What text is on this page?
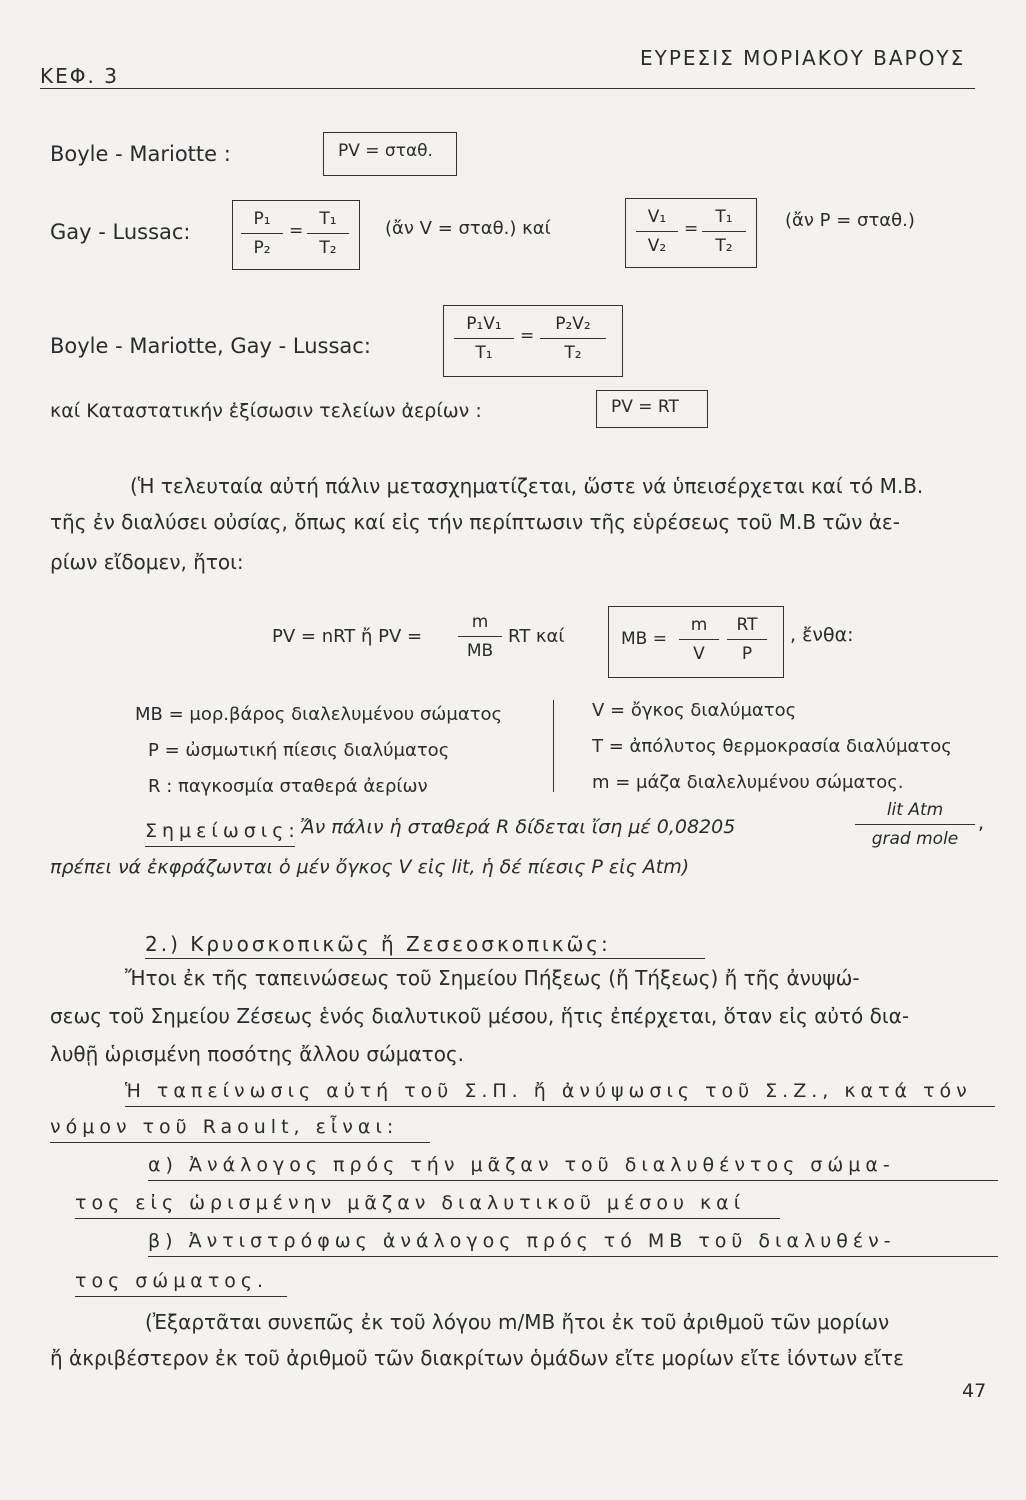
ΚΕΦ. 3
ΕΥΡΕΣΙΣ ΜΟΡΙΑΚΟΥ ΒΑΡΟΥΣ
Boyle - Mariotte :	PV = σταθ.
Gay - Lussac:
P₁
P₂
=
T₁
T₂
(ἄν V = σταθ.) καί
V₁
V₂
=
T₁
T₂
(ἄν P = σταθ.)
Boyle - Mariotte, Gay - Lussac:
P₁V₁
T₁
=
P₂V₂
T₂
καί Καταστατικήν ἐξίσωσιν τελείων ἀερίων :	PV = RT
(Ἡ τελευταία αὐτή πάλιν μετασχηματίζεται, ὥστε νά ὑπεισέρχεται καί τό Μ.Β.
τῆς ἐν διαλύσει οὐσίας, ὅπως καί εἰς τήν περίπτωσιν τῆς εὑρέσεως τοῦ Μ.Β τῶν ἀε-
ρίων εἴδομεν, ἤτοι:
PV = nRT ἤ PV =
m
MB
RT καί	MB =
m
V
RT
P
, ἔνθα:
MB = μορ.βάρος διαλελυμένου σώματος
P = ὠσμωτική πίεσις διαλύματος
R : παγκοσμία σταθερά ἀερίων
V = ὄγκος διαλύματος
T = ἀπόλυτος θερμοκρασία διαλύματος
m = μάζα διαλελυμένου σώματος.
Σημείωσις: Ἄν πάλιν ἡ σταθερά R δίδεται ἴση μέ 0,08205
lit Atm
grad mole
,
πρέπει νά ἐκφράζωνται ὁ μέν ὄγκος V εἰς lit, ἡ δέ πίεσις P εἰς Atm)
2.) Κρυοσκοπικῶς ἤ Ζεσεοσκοπικῶς:
Ἤτοι ἐκ τῆς ταπεινώσεως τοῦ Σημείου Πήξεως (ἤ Τήξεως) ἤ τῆς ἀνυψώ-
σεως τοῦ Σημείου Ζέσεως ἑνός διαλυτικοῦ μέσου, ἥτις ἐπέρχεται, ὅταν εἰς αὐτό δια-
λυθῇ ὡρισμένη ποσότης ἄλλου σώματος.
Ἡ ταπείνωσις αὐτή τοῦ Σ.Π. ἤ ἀνύψωσις τοῦ Σ.Ζ., κατά τόν
νόμον τοῦ Raoult, εἶναι:
α) Ἀνάλογος πρός τήν μᾶζαν τοῦ διαλυθέντος σώμα-
τος εἰς ὡρισμένην μᾶζαν διαλυτικοῦ μέσου καί
β) Ἀντιστρόφως ἀνάλογος πρός τό ΜΒ τοῦ διαλυθέν-
τος σώματος.
(Ἐξαρτᾶται συνεπῶς ἐκ τοῦ λόγου m/MB ἤτοι ἐκ τοῦ ἀριθμοῦ τῶν μορίων
ἤ ἀκριβέστερον ἐκ τοῦ ἀριθμοῦ τῶν διακρίτων ὁμάδων εἴτε μορίων εἴτε ἰόντων εἴτε
47
